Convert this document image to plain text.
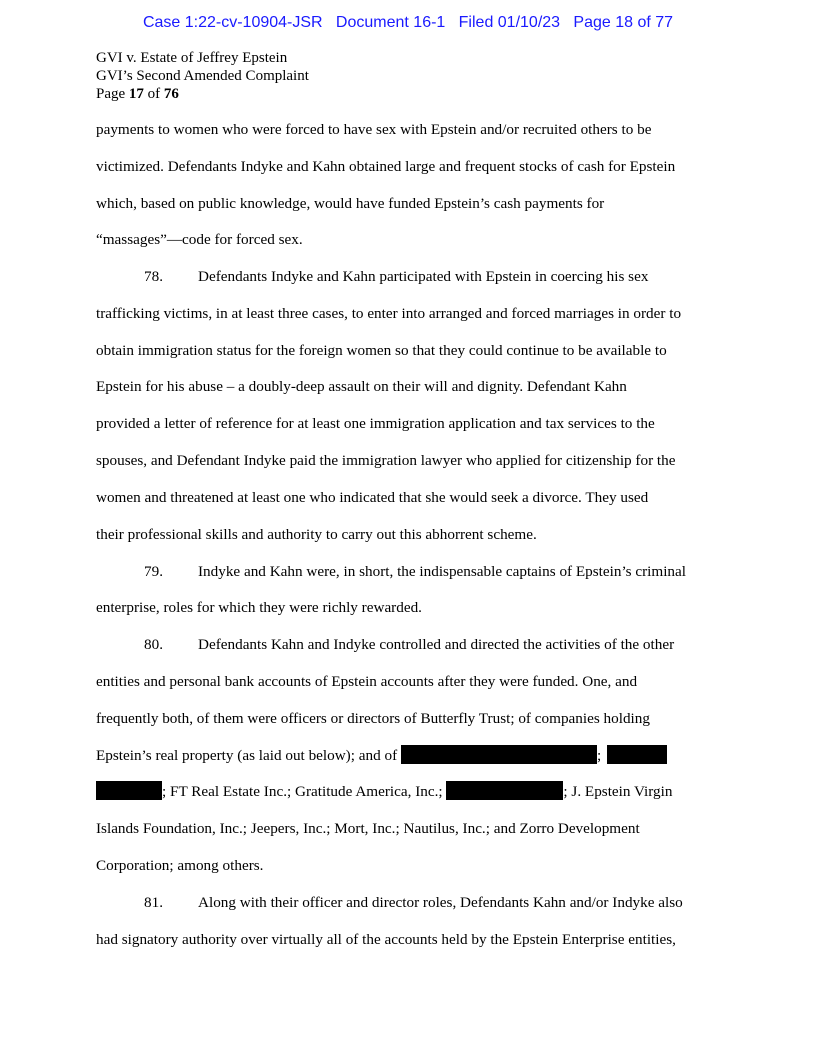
Case 1:22-cv-10904-JSR   Document 16-1   Filed 01/10/23   Page 18 of 77
GVI v. Estate of Jeffrey Epstein
GVI’s Second Amended Complaint
Page 17 of 76
payments to women who were forced to have sex with Epstein and/or recruited others to be
victimized. Defendants Indyke and Kahn obtained large and frequent stocks of cash for Epstein
which, based on public knowledge, would have funded Epstein’s cash payments for
“massages”—code for forced sex.
78. Defendants Indyke and Kahn participated with Epstein in coercing his sex
trafficking victims, in at least three cases, to enter into arranged and forced marriages in order to
obtain immigration status for the foreign women so that they could continue to be available to
Epstein for his abuse – a doubly-deep assault on their will and dignity. Defendant Kahn
provided a letter of reference for at least one immigration application and tax services to the
spouses, and Defendant Indyke paid the immigration lawyer who applied for citizenship for the
women and threatened at least one who indicated that she would seek a divorce. They used
their professional skills and authority to carry out this abhorrent scheme.
79. Indyke and Kahn were, in short, the indispensable captains of Epstein’s criminal
enterprise, roles for which they were richly rewarded.
80. Defendants Kahn and Indyke controlled and directed the activities of the other
entities and personal bank accounts of Epstein accounts after they were funded. One, and
frequently both, of them were officers or directors of Butterfly Trust; of companies holding
Epstein’s real property (as laid out below); and of	;
; FT Real Estate Inc.; Gratitude America, Inc.;	; J. Epstein Virgin
Islands Foundation, Inc.; Jeepers, Inc.; Mort, Inc.; Nautilus, Inc.; and Zorro Development
Corporation; among others.
81. Along with their officer and director roles, Defendants Kahn and/or Indyke also
had signatory authority over virtually all of the accounts held by the Epstein Enterprise entities,
